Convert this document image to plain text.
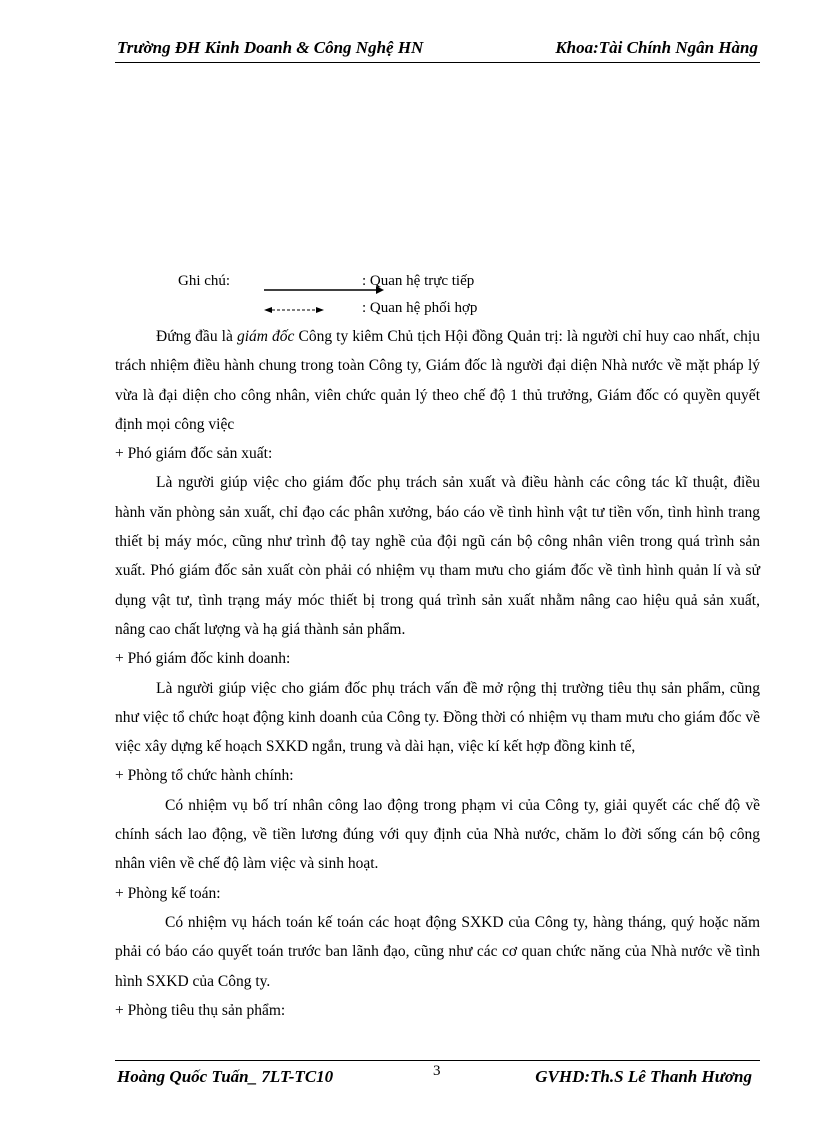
Trường ĐH Kinh Doanh & Công Nghệ HN	Khoa:Tài Chính Ngân Hàng
Ghi chú:	: Quan hệ trực tiếp
: Quan hệ phối hợp

Đứng đầu là giám đốc Công ty kiêm Chủ tịch Hội đồng Quản trị: là người chỉ huy cao nhất, chịu trách nhiệm điều hành chung trong toàn Công ty, Giám đốc là người đại diện Nhà nước về mặt pháp lý vừa là đại diện cho công nhân, viên chức quản lý theo chế độ 1 thủ trưởng, Giám đốc có quyền quyết định mọi công việc

+ Phó giám đốc sản xuất:

Là người giúp việc cho giám đốc phụ trách sản xuất và điều hành các công tác kĩ thuật, điều hành văn phòng sản xuất, chỉ đạo các phân xưởng, báo cáo về tình hình vật tư tiền vốn, tình hình trang thiết bị máy móc, cũng như trình độ tay nghề của đội ngũ cán bộ công nhân viên trong quá trình sản xuất. Phó giám đốc sản xuất còn phải có nhiệm vụ tham mưu cho giám đốc về tình hình quản lí và sử dụng vật tư, tình trạng máy móc thiết bị trong quá trình sản xuất nhằm nâng cao hiệu quả sản xuất, nâng cao chất lượng và hạ giá thành sản phẩm.

+ Phó giám đốc kinh doanh:

Là người giúp việc cho giám đốc phụ trách vấn đề mở rộng thị trường tiêu thụ sản phẩm, cũng như việc tổ chức hoạt động kinh doanh của Công ty. Đồng thời có nhiệm vụ tham mưu cho giám đốc về việc xây dựng kế hoạch SXKD ngắn, trung và dài hạn, việc kí kết hợp đồng kinh tế,

+ Phòng tổ chức hành chính:

Có nhiệm vụ bố trí nhân công lao động trong phạm vi của Công ty, giải quyết các chế độ về chính sách lao động, về tiền lương đúng với quy định của Nhà nước, chăm lo đời sống cán bộ công nhân viên về chế độ làm việc và sinh hoạt.

+ Phòng kế toán:

Có nhiệm vụ hách toán kế toán các hoạt động SXKD của Công ty, hàng tháng, quý hoặc năm phải có báo cáo quyết toán trước ban lãnh đạo, cũng như các cơ quan chức năng của Nhà nước về tình hình SXKD của Công ty.

+ Phòng tiêu thụ sản phẩm:

Hoàng Quốc Tuấn_ 7LT-TC10	3	GVHD:Th.S Lê Thanh Hương
